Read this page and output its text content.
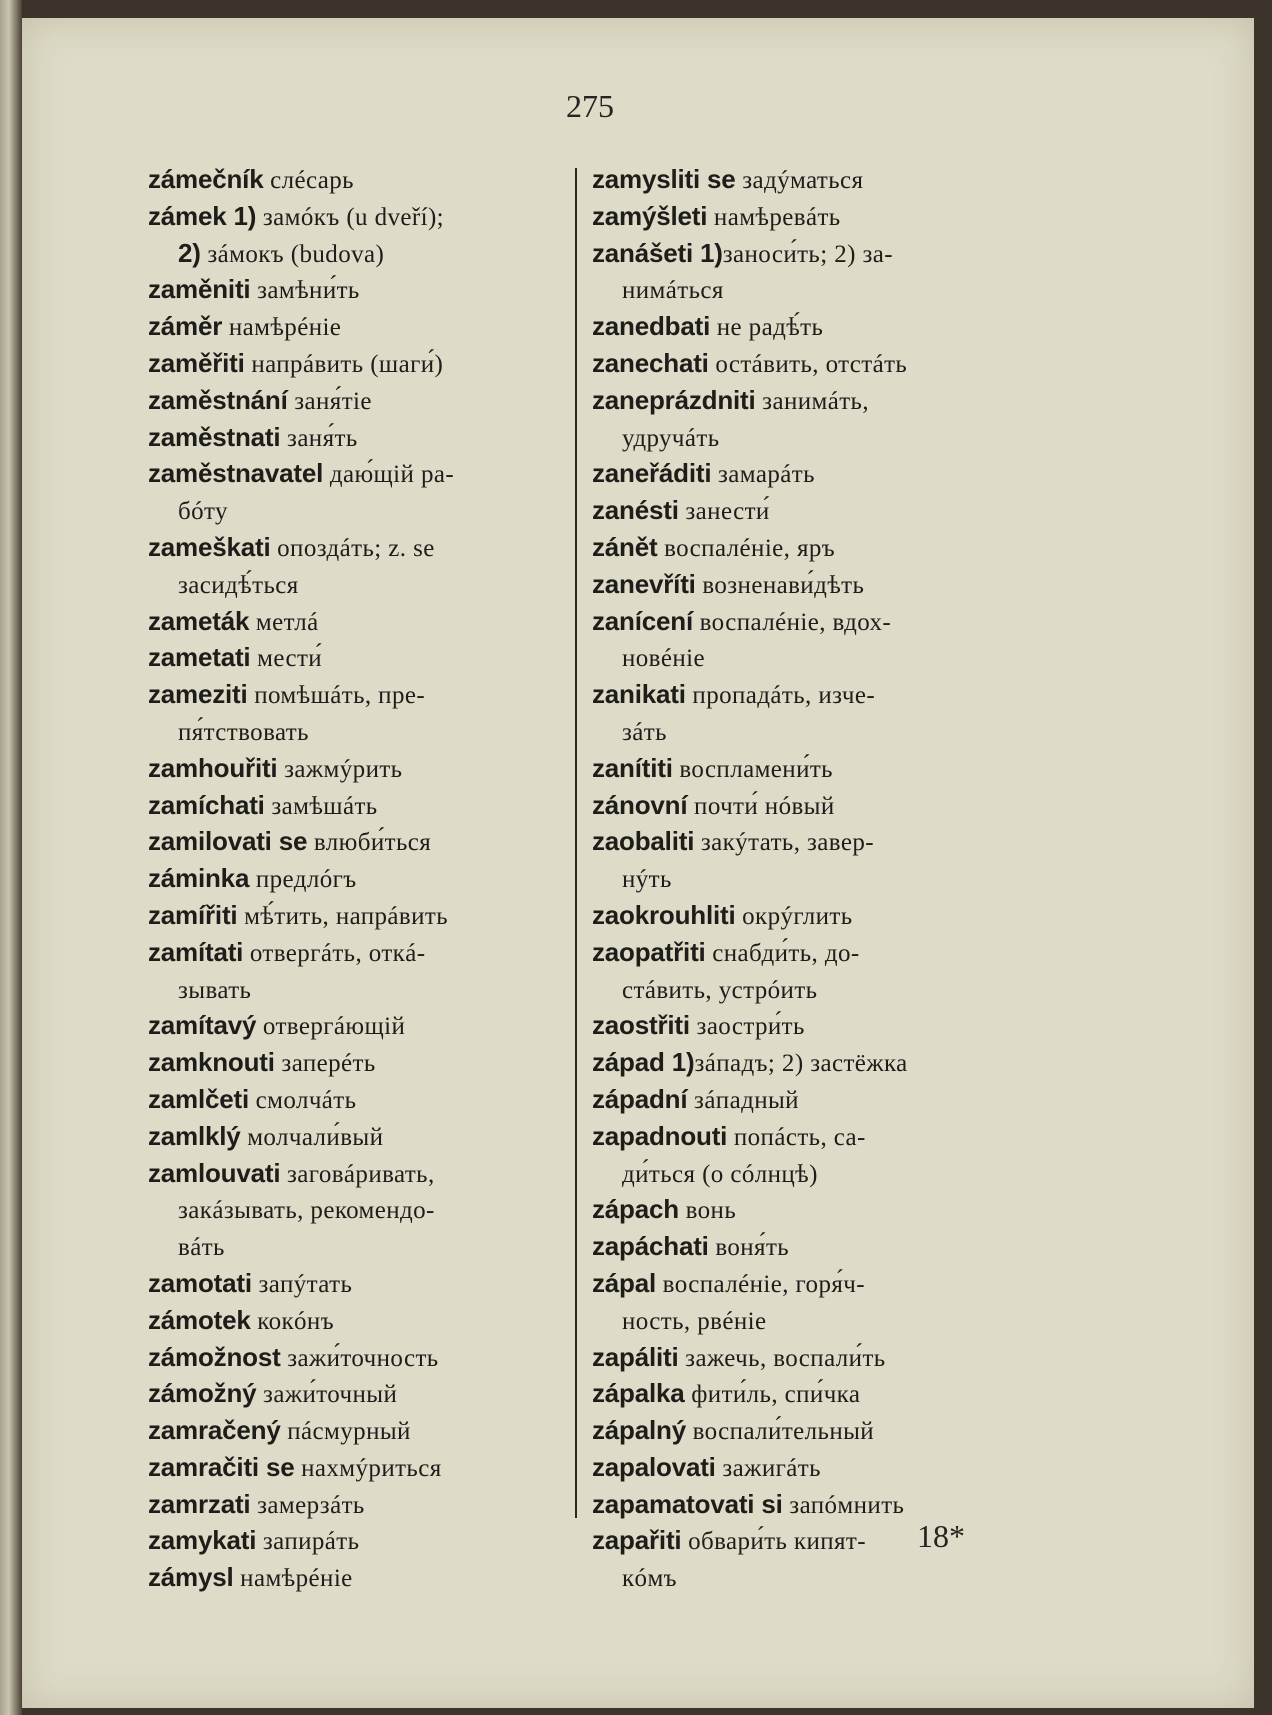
275

zámečník слéсарь

zámek 1) замóкъ (u dveří);

2) зáмокъ (budova)

zaměniti замѣни́ть

záměr намѣрéніе

zaměřiti напрáвить (шаги́)

zaměstnání заня́тіе

zaměstnati заня́ть

zaměstnavatel даю́щій ра-

бóту

zameškati опоздáть; z. se

засидѣ́ться

zameták метлá

zametati мести́

zameziti помѣшáть, пре-

пя́тствовать

zamhouřiti зажмýрить

zamíchati замѣшáть

zamilovati se влюби́ться

záminka предлóгъ

zamířiti мѣ́тить, напрáвить

zamítati отвергáть, откá-

зывать

zamítavý отвергáющій

zamknouti заперéть

zamlčeti смолчáть

zamlklý молчали́вый

zamlouvati заговáривать,

закáзывать, рекомендо-

вáть

zamotati запýтать

zámotek кокóнъ

zámožnost зажи́точность

zámožný зажи́точный

zamračený пáсмурный

zamračiti se нахмýриться

zamrzati замерзáть

zamykati запирáть

zámysl намѣрéніе

zamysliti se задýматься

zamýšleti намѣревáть

zanášeti 1)заноси́ть; 2) за-

нимáться

zanedbati не радѣ́ть

zanechati остáвить, отстáть

zaneprázdniti занимáть,

удручáть

zaneřáditi замарáть

zanésti занести́

zánět воспалéніе, яръ

zanevříti возненави́дѣть

zanícení воспалéніе, вдох-

новéніе

zanikati пропадáть, изче-

зáть

zanítiti воспламени́ть

zánovní почти́ нóвый

zaobaliti закýтать, завер-

нýть

zaokrouhliti окрýглить

zaopatřiti снабди́ть, до-

стáвить, устрóить

zaostřiti заостри́ть

západ 1)зáпадъ; 2) застёжка

západní зáпадный

zapadnouti попáсть, са-

ди́ться (о сóлнцѣ)

zápach вонь

zapáchati воня́ть

zápal воспалéніе, горя́ч-

ность, рвéніе

zapáliti зажечь, воспали́ть

zápalka фити́ль, спи́чка

zápalný воспали́тельный

zapalovati зажигáть

zapamatovati si запóмнить

zapařiti обвари́ть кипят-

кóмъ

18*
